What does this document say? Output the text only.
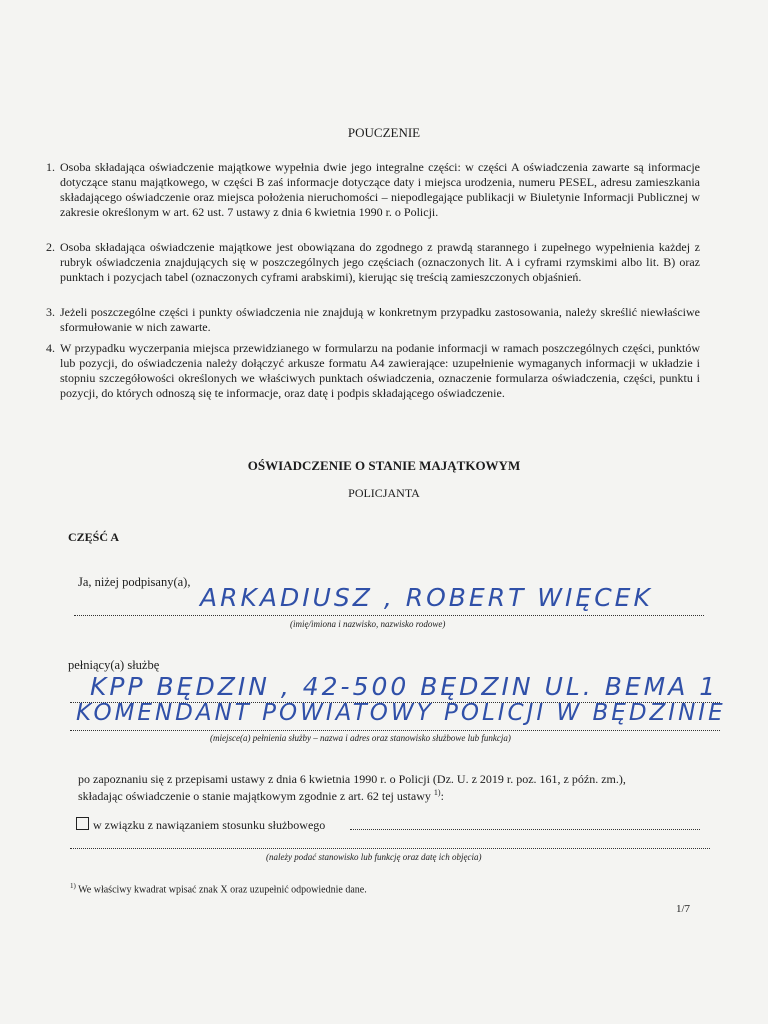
POUCZENIE
1. Osoba składająca oświadczenie majątkowe wypełnia dwie jego integralne części: w części A oświadczenia zawarte są informacje dotyczące stanu majątkowego, w części B zaś informacje dotyczące daty i miejsca urodzenia, numeru PESEL, adresu zamieszkania składającego oświadczenie oraz miejsca położenia nieruchomości – niepodlegające publikacji w Biuletynie Informacji Publicznej w zakresie określonym w art. 62 ust. 7 ustawy z dnia 6 kwietnia 1990 r. o Policji.
2. Osoba składająca oświadczenie majątkowe jest obowiązana do zgodnego z prawdą starannego i zupełnego wypełnienia każdej z rubryk oświadczenia znajdujących się w poszczególnych jego częściach (oznaczonych lit. A i cyframi rzymskimi albo lit. B) oraz punktach i pozycjach tabel (oznaczonych cyframi arabskimi), kierując się treścią zamieszczonych objaśnień.
3. Jeżeli poszczególne części i punkty oświadczenia nie znajdują w konkretnym przypadku zastosowania, należy skreślić niewłaściwe sformułowanie w nich zawarte.
4. W przypadku wyczerpania miejsca przewidzianego w formularzu na podanie informacji w ramach poszczególnych części, punktów lub pozycji, do oświadczenia należy dołączyć arkusze formatu A4 zawierające: uzupełnienie wymaganych informacji w układzie i stopniu szczegółowości określonych we właściwych punktach oświadczenia, oznaczenie formularza oświadczenia, części, punktu i pozycji, do których odnoszą się te informacje, oraz datę i podpis składającego oświadczenie.
OŚWIADCZENIE O STANIE MAJĄTKOWYM
POLICJANTA
CZĘŚĆ A
Ja, niżej podpisany(a),
ARKADIUSZ , ROBERT WIĘCEK
(imię/imiona i nazwisko, nazwisko rodowe)
pełniący(a) służbę
KPP BĘDZIN , 42-500 BĘDZIN UL. BEMA 1
KOMENDANT POWIATOWY POLICJI W BĘDZINIE
(miejsce(a) pełnienia służby – nazwa i adres oraz stanowisko służbowe lub funkcja)
po zapoznaniu się z przepisami ustawy z dnia 6 kwietnia 1990 r. o Policji (Dz. U. z 2019 r. poz. 161, z późn. zm.),
składając oświadczenie o stanie majątkowym zgodnie z art. 62 tej ustawy $^{1)}$:
w związku z nawiązaniem stosunku służbowego
(należy podać stanowisko lub funkcję oraz datę ich objęcia)
$^{1)}$ We właściwy kwadrat wpisać znak X oraz uzupełnić odpowiednie dane.
1/7
